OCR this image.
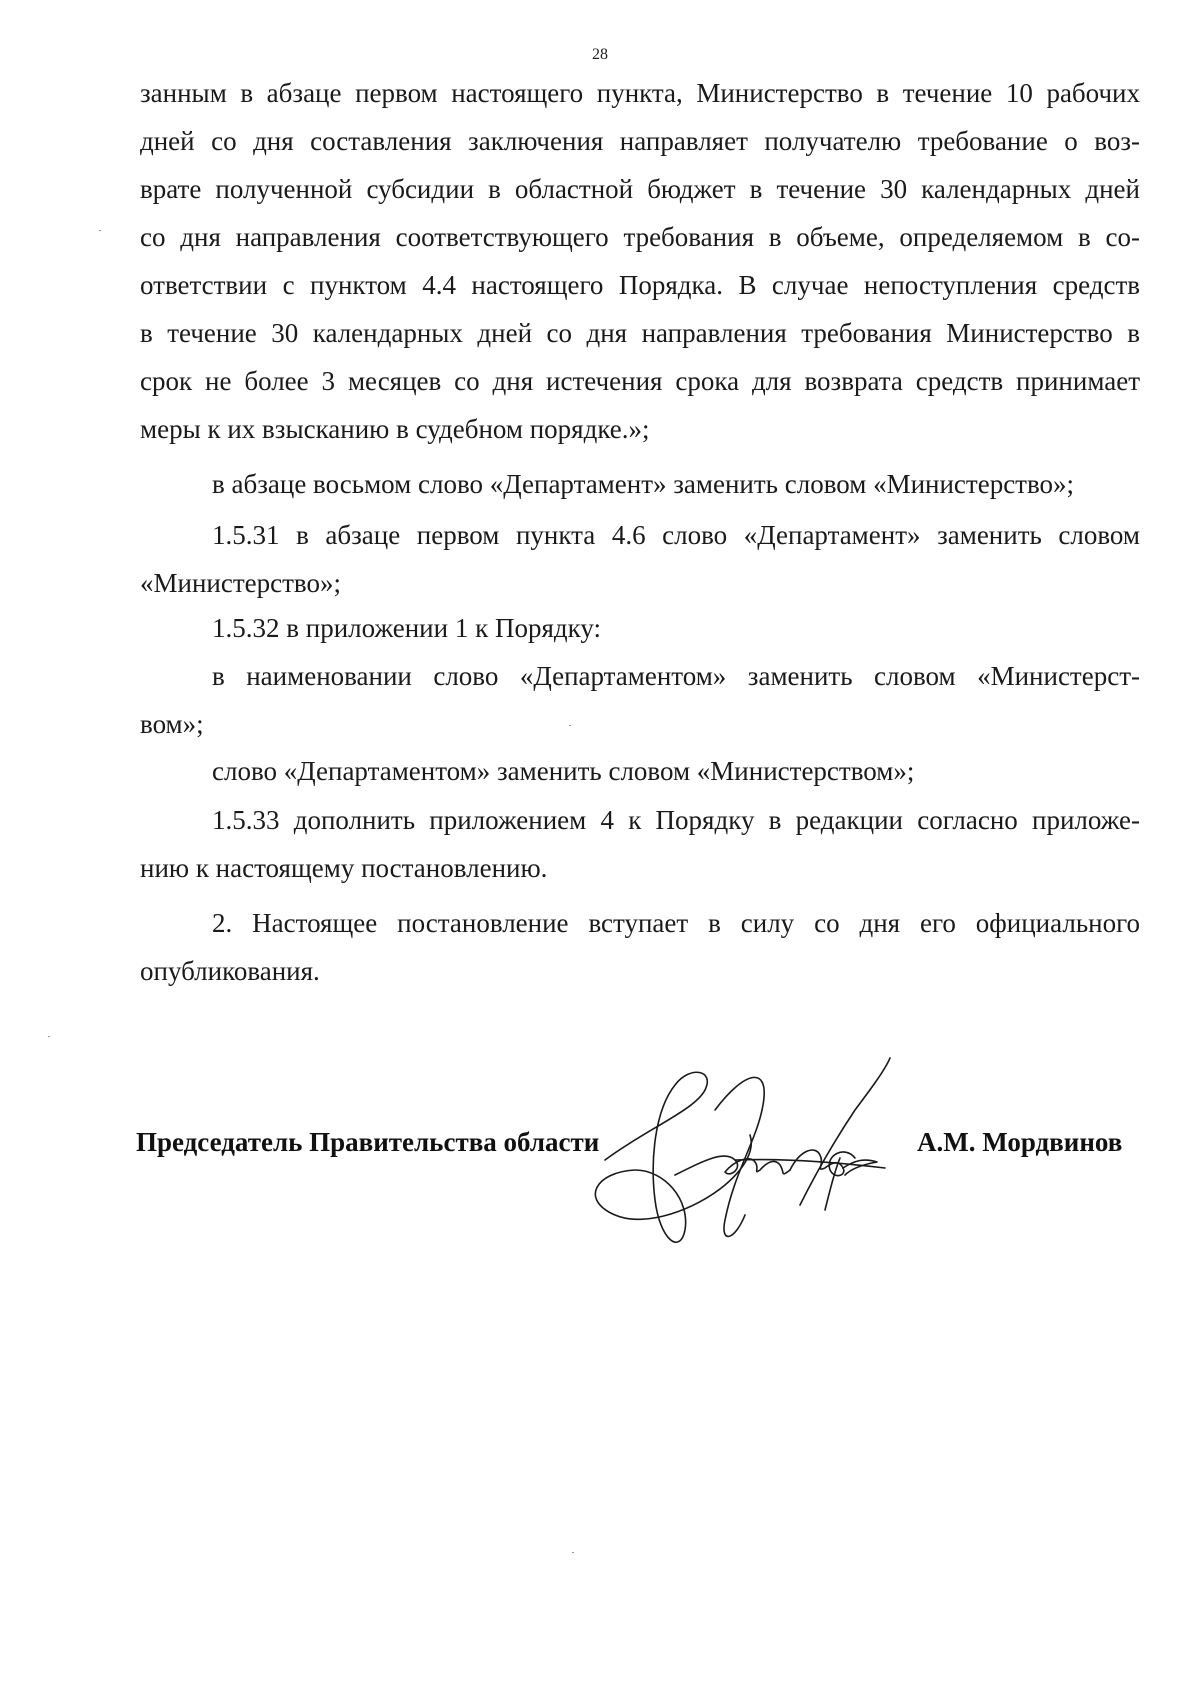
28

занным в абзаце первом настоящего пункта, Министерство в течение 10 рабочих
дней со дня составления заключения направляет получателю требование о воз-
врате полученной субсидии в областной бюджет в течение 30 календарных дней
со дня направления соответствующего требования в объеме, определяемом в со-
ответствии с пунктом 4.4 настоящего Порядка. В случае непоступления средств
в течение 30 календарных дней со дня направления требования Министерство в
срок не более 3 месяцев со дня истечения срока для возврата средств принимает
меры к их взысканию в судебном порядке.»;

в абзаце восьмом слово «Департамент» заменить словом «Министерство»;

1.5.31 в абзаце первом пункта 4.6 слово «Департамент» заменить словом
«Министерство»;

1.5.32 в приложении 1 к Порядку:

в наименовании слово «Департаментом» заменить словом «Министерст-
вом»;

слово «Департаментом» заменить словом «Министерством»;

1.5.33 дополнить приложением 4 к Порядку в редакции согласно приложе-
нию к настоящему постановлению.

2. Настоящее постановление вступает в силу со дня его официального
опубликования.

Председатель Правительства области	А.М. Мордвинов
